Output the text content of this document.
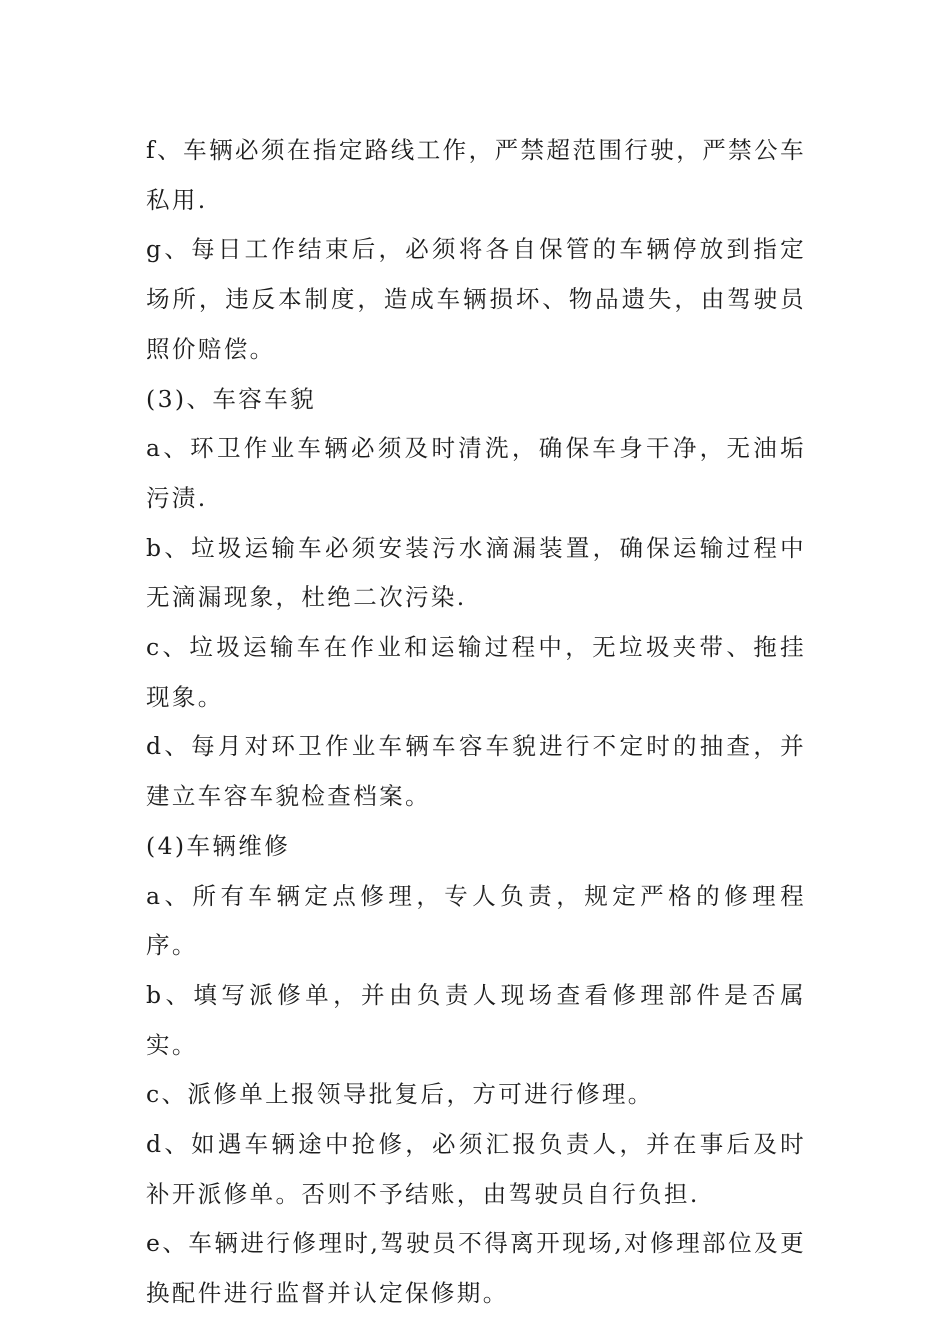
f、车辆必须在指定路线工作，严禁超范围行驶，严禁公车私用.

g、每日工作结束后，必须将各自保管的车辆停放到指定场所，违反本制度，造成车辆损坏、物品遗失，由驾驶员照价赔偿。

(3)、车容车貌

a、环卫作业车辆必须及时清洗，确保车身干净，无油垢污渍.

b、垃圾运输车必须安装污水滴漏装置，确保运输过程中无滴漏现象，杜绝二次污染.

c、垃圾运输车在作业和运输过程中，无垃圾夹带、拖挂现象。

d、每月对环卫作业车辆车容车貌进行不定时的抽查，并建立车容车貌检查档案。

(4)车辆维修

a、所有车辆定点修理，专人负责，规定严格的修理程序。

b、填写派修单，并由负责人现场查看修理部件是否属实。

c、派修单上报领导批复后，方可进行修理。

d、如遇车辆途中抢修，必须汇报负责人，并在事后及时补开派修单。否则不予结账，由驾驶员自行负担.

e、车辆进行修理时,驾驶员不得离开现场,对修理部位及更换配件进行监督并认定保修期。
